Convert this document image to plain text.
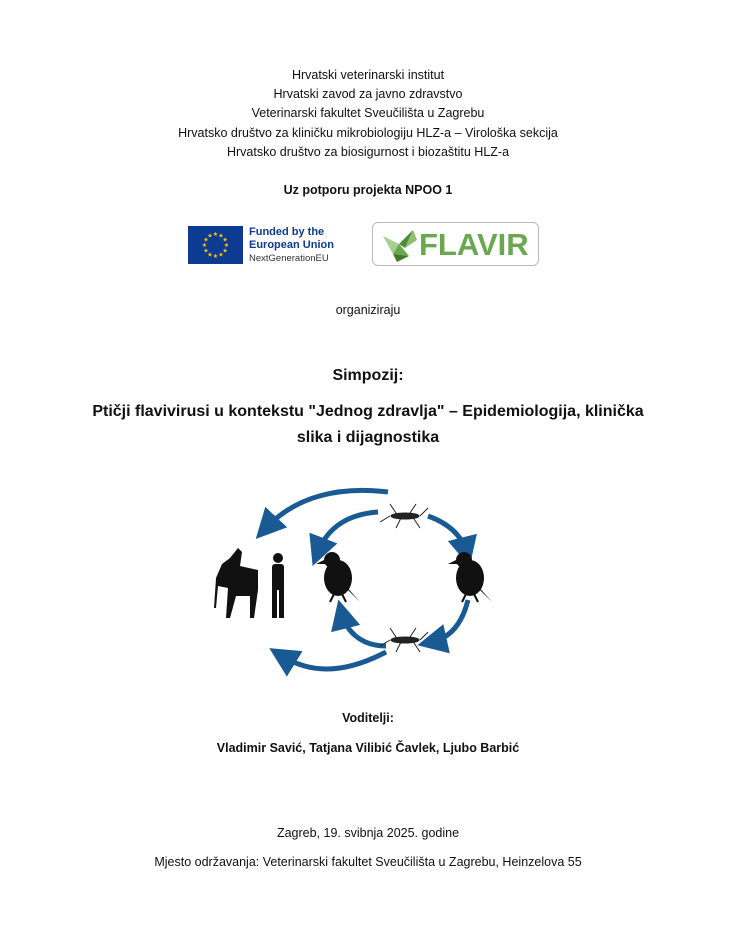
Hrvatski veterinarski institut
Hrvatski zavod za javno zdravstvo
Veterinarski fakultet Sveučilišta u Zagrebu
Hrvatsko društvo za kliničku mikrobiologiju HLZ-a – Virološka sekcija
Hrvatsko društvo za biosigurnost i biozaštitu HLZ-a
Uz potporu projekta NPOO 1
★
★
★
★
★
★
★
★
★ ★ ★
★
Funded by the
European Union
NextGenerationEU	FLAVIR
organiziraju
Simpozij:
Ptičji flavivirusi u kontekstu "Jednog zdravlja" – Epidemiologija, klinička
slika i dijagnostika
Voditelji:
Vladimir Savić, Tatjana Vilibić Čavlek, Ljubo Barbić
Zagreb, 19. svibnja 2025. godine
Mjesto održavanja: Veterinarski fakultet Sveučilišta u Zagrebu, Heinzelova 55
